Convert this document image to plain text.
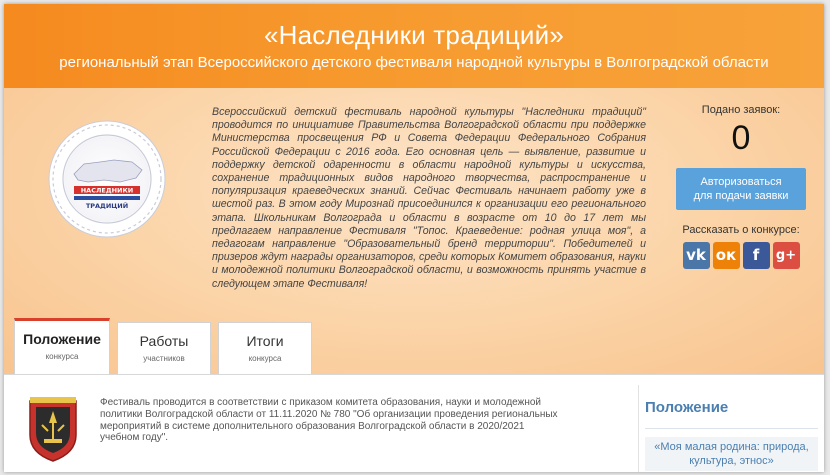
«Наследники традиций»
региональный этап Всероссийского детского фестиваля народной культуры в Волгоградской области
НАСЛЕДНИКИ
ТРАДИЦИЙ
Всероссийский детский фестиваль народной культуры "Наследники традиций" проводится по инициативе Правительства Волгоградской области при поддержке Министерства просвещения РФ и Совета Федерации Федерального Собрания Российской Федерации с 2016 года. Его основная цель — выявление, развитие и поддержку детской одаренности в области народной культуры и искусства, сохранение традиционных видов народного творчества, распространение и популяризация краеведческих знаний. Сейчас Фестиваль начинает работу уже в шестой раз. В этом году Мирознай присоединился к организации его регионального этапа. Школьникам Волгограда и области в возрасте от 10 до 17 лет мы предлагаем направление Фестиваля "Топос. Краеведение: родная улица моя", а педагогам направление "Образовательный бренд территории". Победителей и призеров ждут награды организаторов, среди которых Комитет образования, науки и молодежной политики Волгоградской области, и возможность принять участие в следующем этапе Фестиваля!
Подано заявок:
0
Авторизоваться
для подачи заявки
Рассказать о конкурсе:
vk ок	f	g+
Положение
конкурса
Работы
участников
Итоги
конкурса
Фестиваль проводится в соответствии с приказом комитета образования, науки и молодежной политики Волгоградской области от 11.11.2020 № 780 "Об организации проведения региональных мероприятий в системе дополнительного образования Волгоградской области в 2020/2021 учебном году".
Положение
«Моя малая родина: природа, культура, этнос»
